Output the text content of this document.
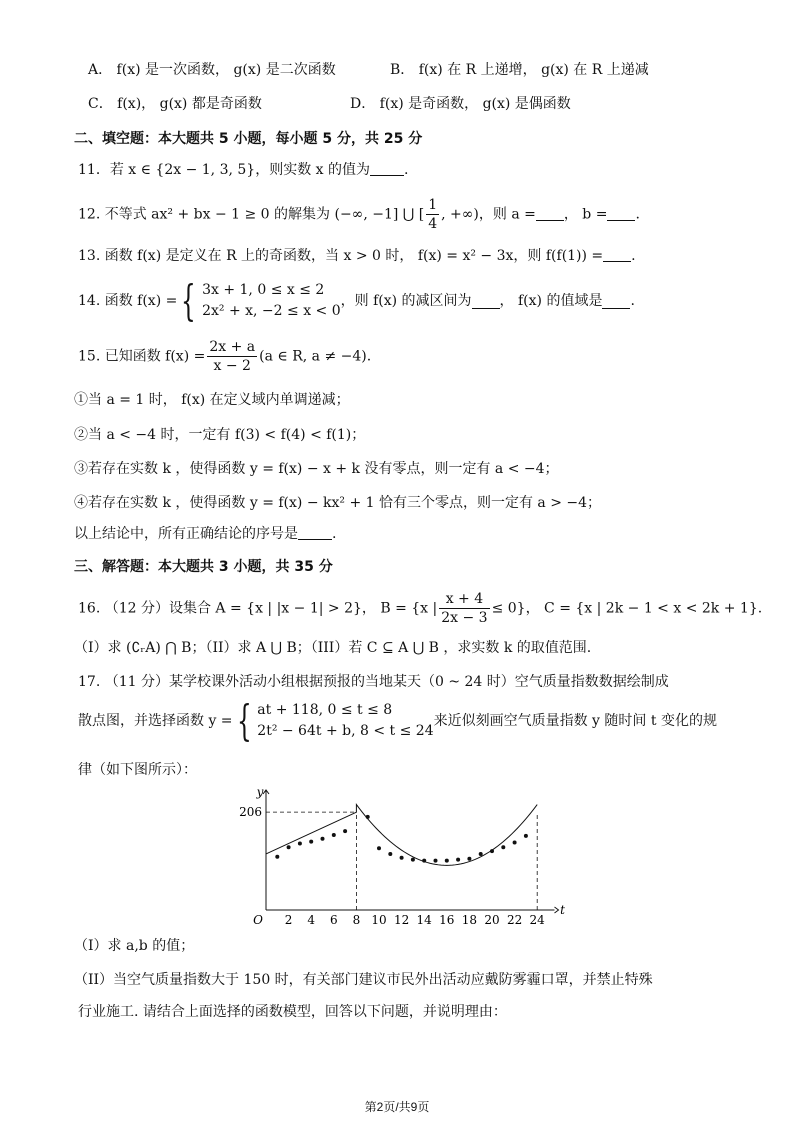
A． f(x) 是一次函数， g(x) 是二次函数	B． f(x) 在 R 上递增， g(x) 在 R 上递减
C． f(x)， g(x) 都是奇函数	D． f(x) 是奇函数， g(x) 是偶函数
二、填空题：本大题共 5 小题，每小题 5 分，共 25 分
11．若 x ∈ {2x − 1, 3, 5}，则实数 x 的值为 .
12. 不等式 ax² + bx − 1 ≥ 0 的解集为 (−∞, −1] ⋃ [ $\frac{1}{4}$ , +∞)，则 a = ， b = .
13. 函数 f(x) 是定义在 R 上的奇函数，当 x > 0 时， f(x) = x² − 3x，则 f(f(1)) = .
14. 函数 f(x) = { 3x + 1, 0 ≤ x ≤ 2
2x² + x, −2 ≤ x < 0
，则 f(x) 的减区间为 ， f(x) 的值域是 .
15. 已知函数 $f(x) = \frac{2x + a}{x - 2} (a$ ∈ R, a ≠ −4).
①当 a = 1 时， f(x) 在定义域内单调递减；
②当 a < −4 时，一定有 f(3) < f(4) < f(1)；
③若存在实数 k ，使得函数 y = f(x) − x + k 没有零点，则一定有 a < −4；
④若存在实数 k ，使得函数 y = f(x) − kx² + 1 恰有三个零点，则一定有 a > −4；
以上结论中，所有正确结论的序号是 .
三、解答题：本大题共 3 小题，共 35 分
16. （12 分）设集合 A = {x | |x − 1| > 2}， B = {x | $\frac{x + 4}{2x - 3} \le 0$}， C = {x | 2k − 1 < x < 2k + 1}.
（I）求 (∁ᵣA) ⋂ B；（II）求 A ⋃ B；（III）若 C ⊆ A ⋃ B ，求实数 k 的取值范围.
17. （11 分）某学校课外活动小组根据预报的当地某天（0 ~ 24 时）空气质量指数数据绘制成
散点图，并选择函数 y = { at + 118, 0 ≤ t ≤ 8
2t² − 64t + b, 8 < t ≤ 24
来近似刻画空气质量指数 y 随时间 t 变化的规
律（如下图所示）：
y
t
O 2 4 6 8 10 12 14 16 18 20 22 24
206
（I）求 a,b 的值；
（II）当空气质量指数大于 150 时，有关部门建议市民外出活动应戴防雾霾口罩，并禁止特殊
行业施工. 请结合上面选择的函数模型，回答以下问题，并说明理由：
第2页/共9页
